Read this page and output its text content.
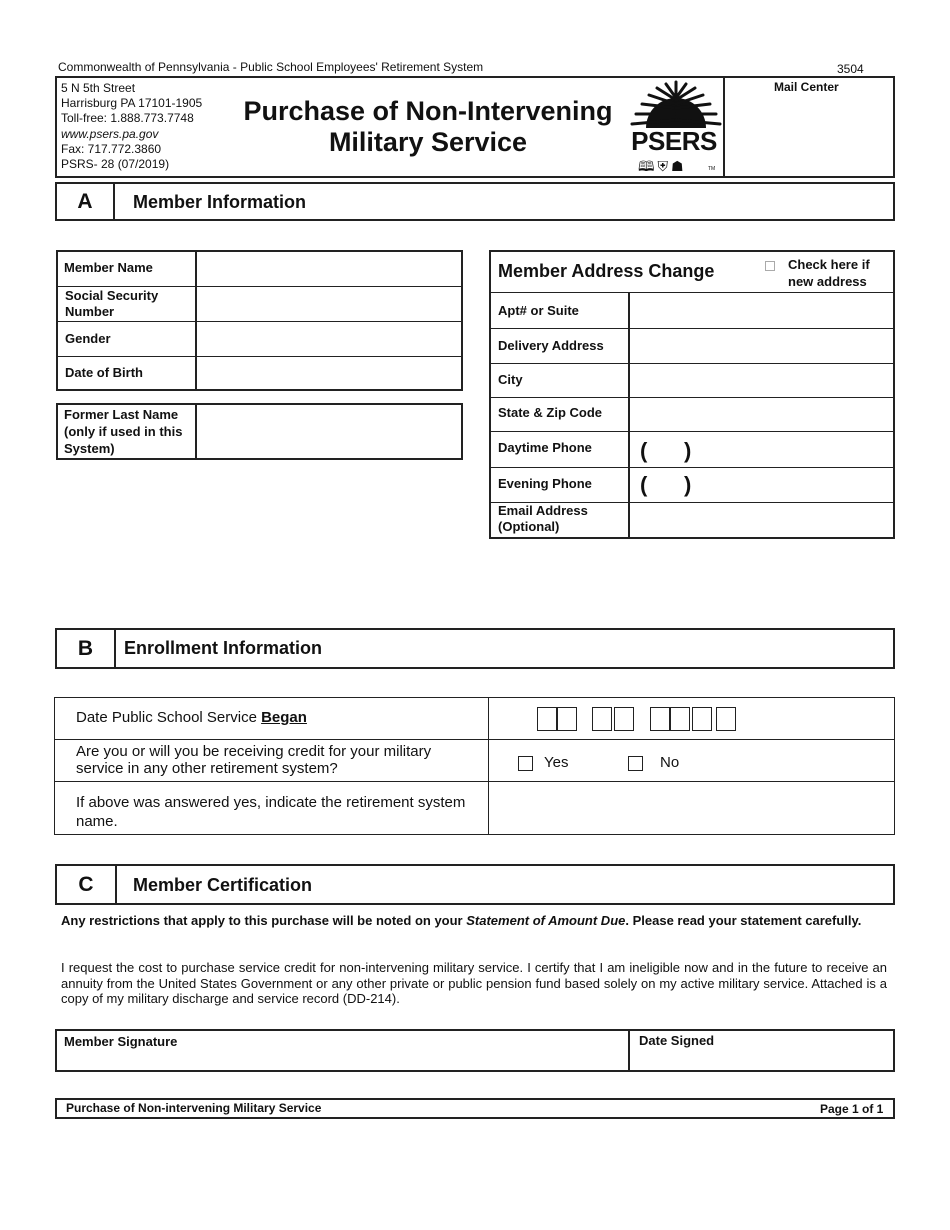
Commonwealth of Pennsylvania - Public School Employees' Retirement System	3504
5 N 5th Street
Harrisburg PA 17101-1905
Toll-free: 1.888.773.7748
www.psers.pa.gov
Fax: 717.772.3860
PSRS- 28 (07/2019)
Purchase of Non-Intervening
Military Service	PSERS
🕮⛨☗	TM
Mail Center
A	Member Information
Member Name
Social Security Number
Gender
Date of Birth
Former Last Name (only if used in this System)
Member Address Change	Check here if new address
Apt# or Suite
Delivery Address
City
State & Zip Code
Daytime Phone ( )
Evening Phone ( )
Email Address (Optional)
B	Enrollment Information
Date Public School Service Began
Are you or will you be receiving credit for your military service in any other retirement system?	Yes	No
If above was answered yes, indicate the retirement system name.
C	Member Certification
Any restrictions that apply to this purchase will be noted on your Statement of Amount Due. Please read your statement carefully.
I request the cost to purchase service credit for non-intervening military service. I certify that I am ineligible now and in the future to receive an annuity from the United States Government or any other private or public pension fund based solely on my active military service. Attached is a copy of my military discharge and service record (DD-214).
Member Signature	Date Signed
Purchase of Non-intervening Military Service	Page 1 of 1
